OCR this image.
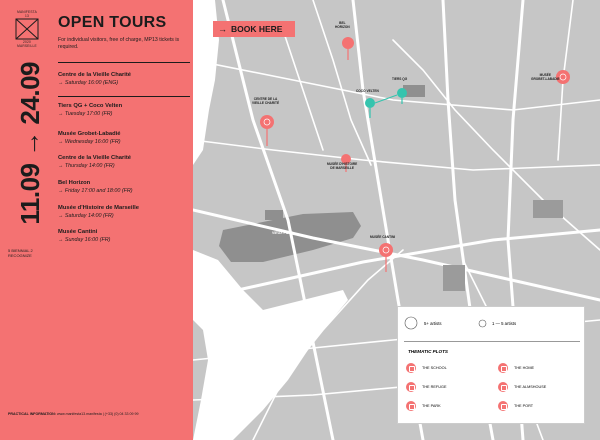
MANIFESTA
13
2020
MARSEILLE
OPEN TOURS
For individual visitors, free of charge, MP13 tickets is required.
11.09 → 24.09
5 BIENNIAL 2 RECOGNIZE
Centre de la Vieille Charité
→ Saturday 16:00 (ENG)
Tiers QG + Coco Velten
→ Tuesday 17:00 (FR)
Musée Grobet-Labadié
→ Wednesday 16:00 (FR)
Centre de la Vieille Charité
→ Thursday 14:00 (FR)
Bel Horizon
→ Friday 17:00 and 18:00 (FR)
Musée d'Histoire de Marseille
→ Saturday 14:00 (FR)
Musée Cantini
→ Sunday 16:00 (FR)
PRACTICAL INFORMATION: www.manifesta13.manifesta | (+33) (0) 04 33 09 99
BEL
HORIZON
TIERS QG
COCO VELTEN
MUSÉE
GROBET-LABADIE
CENTRE DE LA
VIEILLE CHARITÉ
MUSÉE D'HISTOIRE
DE MARSEILLE
MUSÉE CANTINI
VIEUX PORT
→ BOOK HERE
5+ artists	1 — 5 artists
THEMATIC PLOTS
THE SCHOOL	THE HOME
THE REFUGE	THE ALMSHOUSE
THE PARK	THE PORT
